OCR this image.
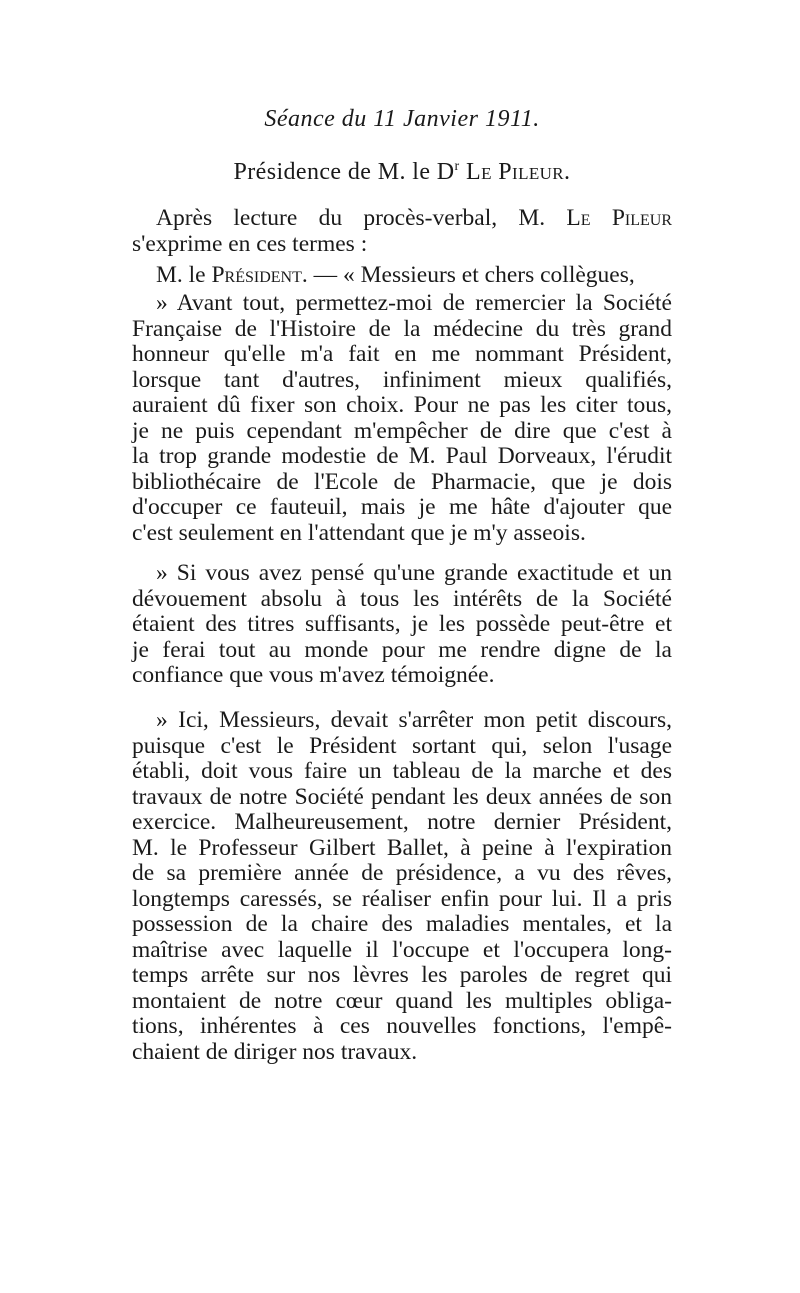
Séance du 11 Janvier 1911.
Présidence de M. le $D^r$ Le Pileur.
Après lecture du procès-verbal, M. Le Pileur
s'exprime en ces termes :
M. le Président. — « Messieurs et chers collègues,
» Avant tout, permettez-moi de remercier la Société
Française de l'Histoire de la médecine du très grand
honneur qu'elle m'a fait en me nommant Président,
lorsque tant d'autres, infiniment mieux qualifiés,
auraient dû fixer son choix. Pour ne pas les citer tous,
je ne puis cependant m'empêcher de dire que c'est à
la trop grande modestie de M. Paul Dorveaux, l'érudit
bibliothécaire de l'Ecole de Pharmacie, que je dois
d'occuper ce fauteuil, mais je me hâte d'ajouter que
c'est seulement en l'attendant que je m'y asseois.
» Si vous avez pensé qu'une grande exactitude et un
dévouement absolu à tous les intérêts de la Société
étaient des titres suffisants, je les possède peut-être et
je ferai tout au monde pour me rendre digne de la
confiance que vous m'avez témoignée.
» Ici, Messieurs, devait s'arrêter mon petit discours,
puisque c'est le Président sortant qui, selon l'usage
établi, doit vous faire un tableau de la marche et des
travaux de notre Société pendant les deux années de son
exercice. Malheureusement, notre dernier Président,
M. le Professeur Gilbert Ballet, à peine à l'expiration
de sa première année de présidence, a vu des rêves,
longtemps caressés, se réaliser enfin pour lui. Il a pris
possession de la chaire des maladies mentales, et la
maîtrise avec laquelle il l'occupe et l'occupera long-
temps arrête sur nos lèvres les paroles de regret qui
montaient de notre cœur quand les multiples obliga-
tions, inhérentes à ces nouvelles fonctions, l'empê-
chaient de diriger nos travaux.
